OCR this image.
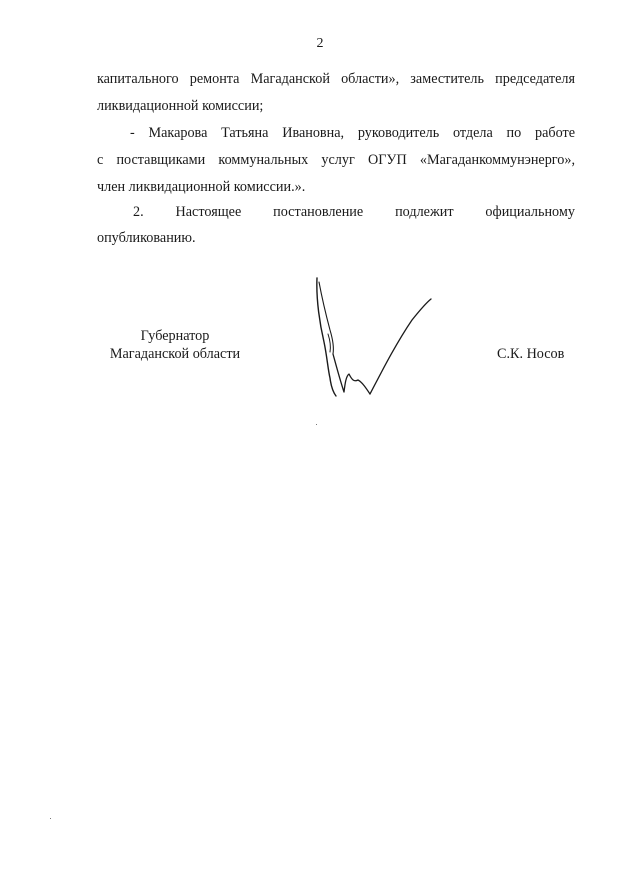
2
капитального ремонта Магаданской области», заместитель председателя
ликвидационной комиссии;
- Макарова Татьяна Ивановна, руководитель отдела по работе
с поставщиками коммунальных услуг ОГУП «Магаданкоммунэнерго»,
член ликвидационной комиссии.».
2. Настоящее постановление подлежит официальному
опубликованию.
Губернатор
Магаданской области	С.К. Носов
